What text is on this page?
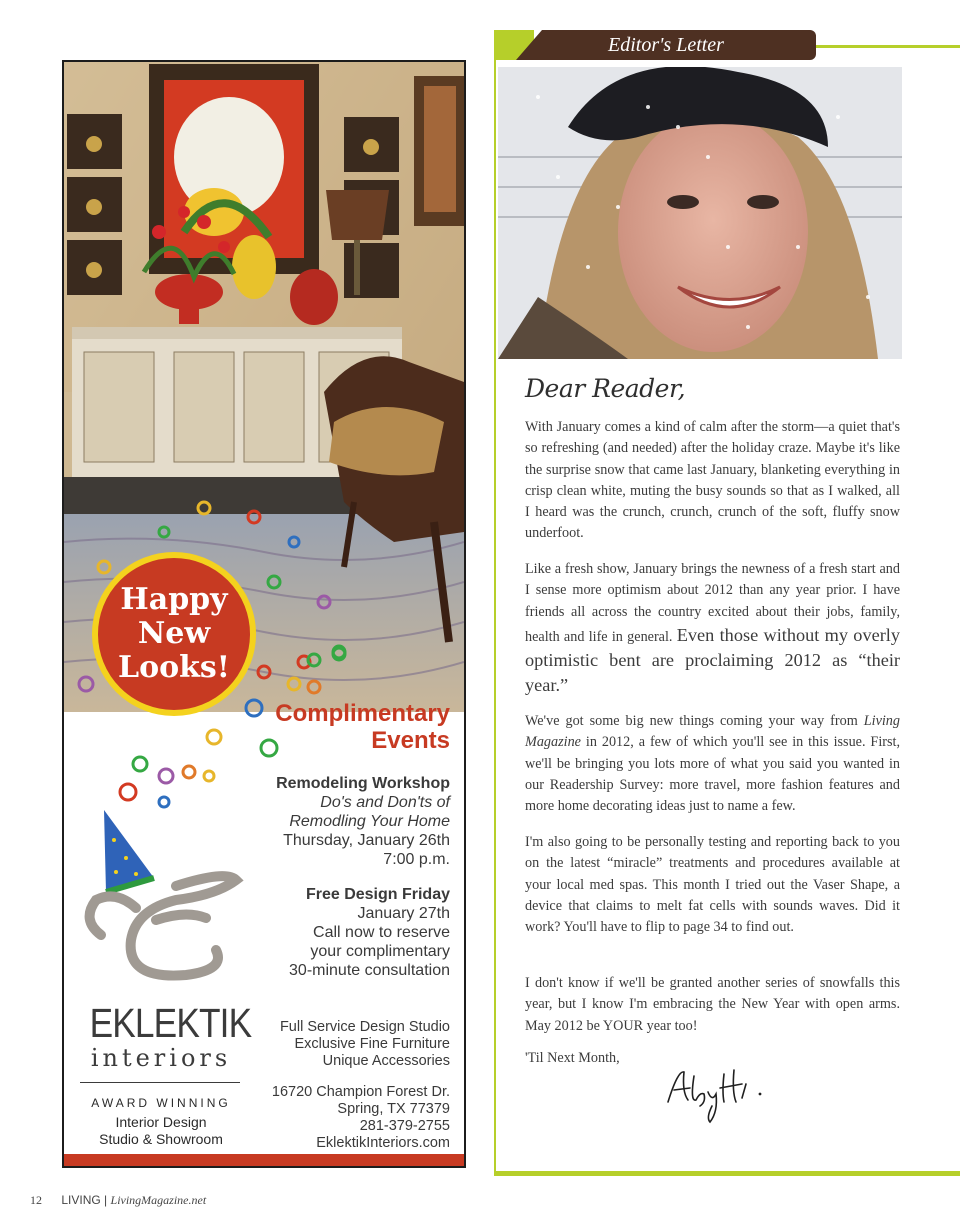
Happy
New
Looks!
Complimentary
Events
Remodeling Workshop
Do's and Don'ts of
Remodling Your Home
Thursday, January 26th
7:00 p.m.
Free Design Friday
January 27th
Call now to reserve
your complimentary
30-minute consultation
EKLEKTIK
interiors
AWARD WINNING
Interior Design
Studio & Showroom
Full Service Design Studio
Exclusive Fine Furniture
Unique Accessories
16720 Champion Forest Dr.
Spring, TX 77379
281-379-2755
EklektikInteriors.com
Editor's Letter
Dear Reader,

With January comes a kind of calm after the storm—a quiet that's so refreshing (and needed) after the holiday craze. Maybe it's like the surprise snow that came last January, blanketing everything in crisp clean white, muting the busy sounds so that as I walked, all I heard was the crunch, crunch, crunch of the soft, fluffy snow underfoot.

Like a fresh show, January brings the newness of a fresh start and I sense more optimism about 2012 than any year prior. I have friends all across the country excited about their jobs, family, health and life in general. Even those without my overly optimistic bent are proclaiming 2012 as “their year.”

We've got some big new things coming your way from Living Magazine in 2012, a few of which you'll see in this issue. First, we'll be bringing you lots more of what you said you wanted in our Readership Survey: more travel, more fashion features and more home decorating ideas just to name a few.

I'm also going to be personally testing and reporting back to you on the latest “miracle” treatments and procedures available at your local med spas. This month I tried out the Vaser Shape, a device that claims to melt fat cells with sounds waves. Did it work? You'll have to flip to page 34 to find out.

I don't know if we'll be granted another series of snowfalls this year, but I know I'm embracing the New Year with open arms. May 2012 be YOUR year too!

'Til Next Month,
12 LIVING | LivingMagazine.net
